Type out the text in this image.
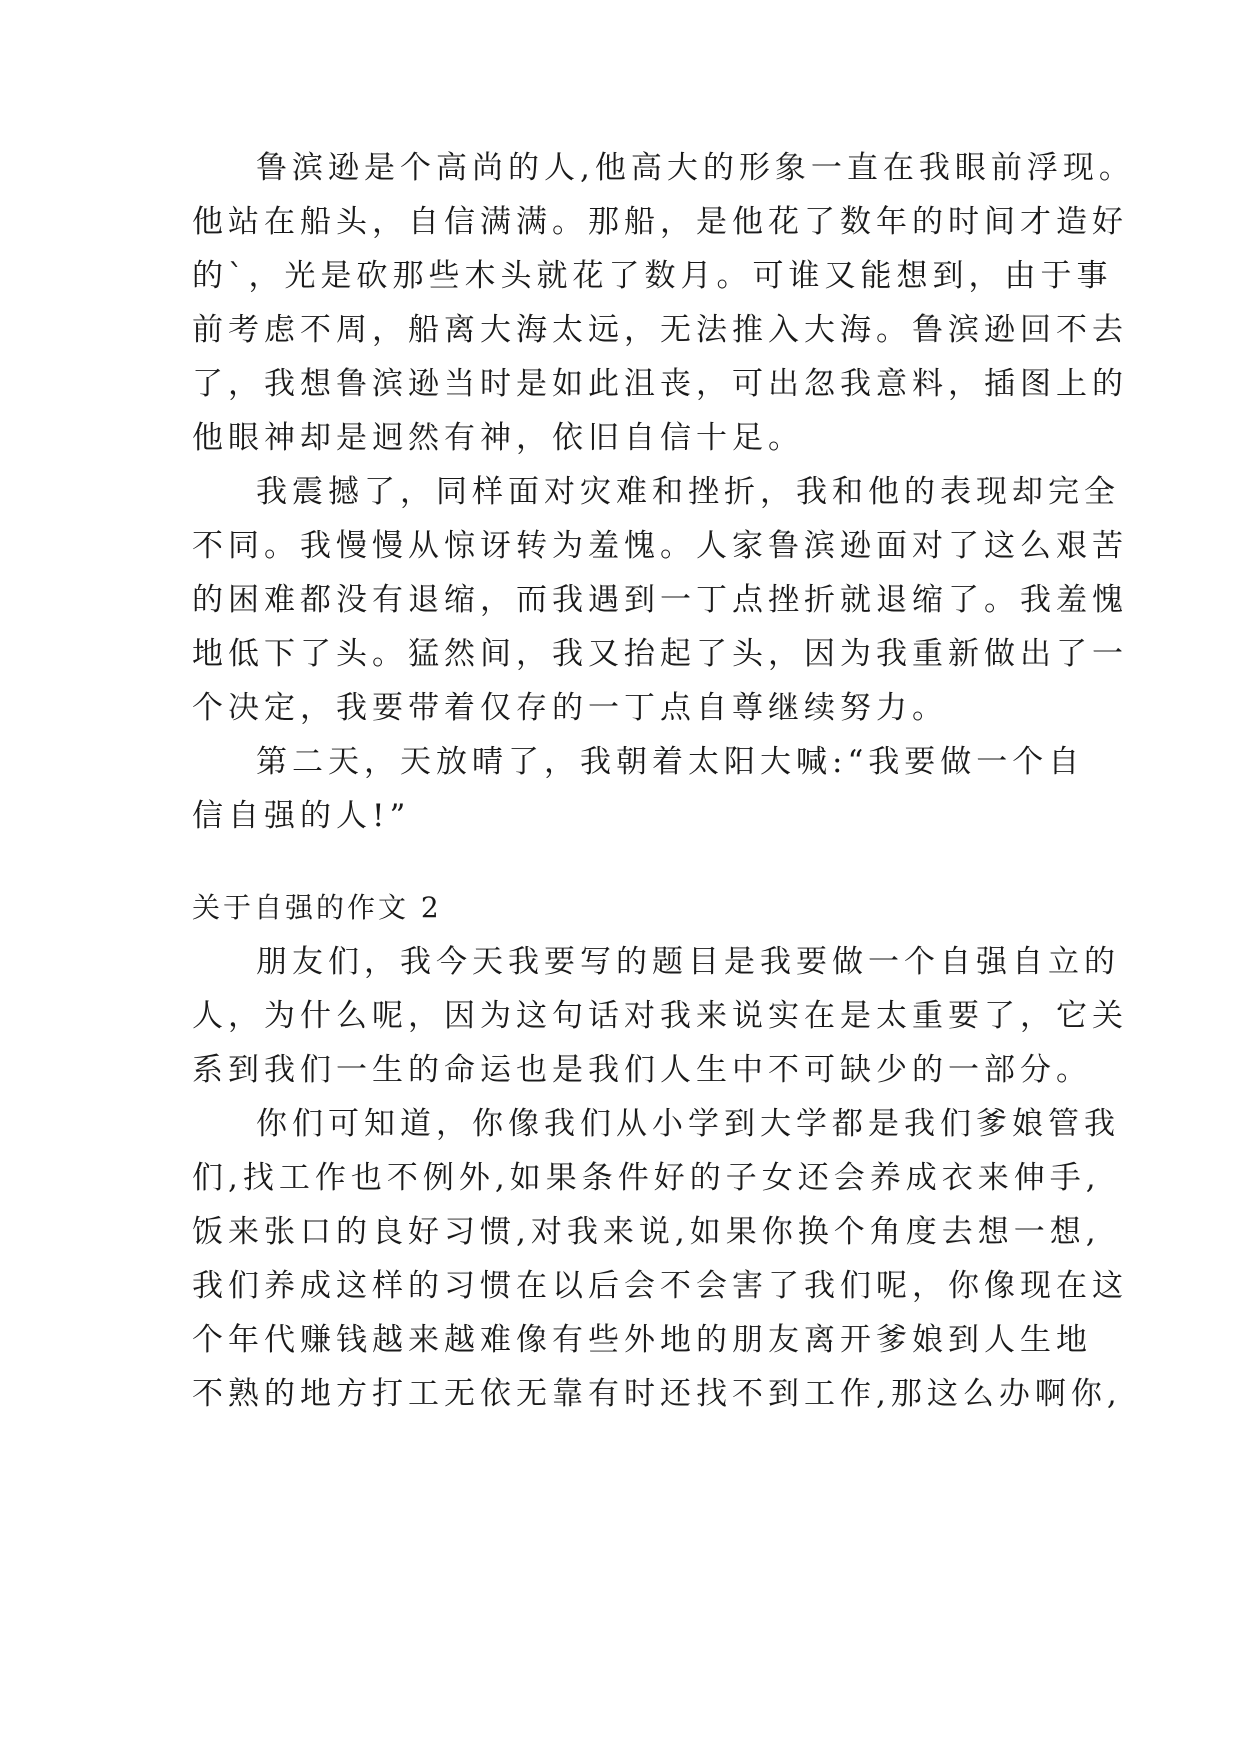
鲁滨逊是个高尚的人,他高大的形象一直在我眼前浮现。
他站在船头，自信满满。那船，是他花了数年的时间才造好
的`，光是砍那些木头就花了数月。可谁又能想到，由于事
前考虑不周，船离大海太远，无法推入大海。鲁滨逊回不去
了，我想鲁滨逊当时是如此沮丧，可出忽我意料，插图上的
他眼神却是迥然有神，依旧自信十足。
我震撼了，同样面对灾难和挫折，我和他的表现却完全
不同。我慢慢从惊讶转为羞愧。人家鲁滨逊面对了这么艰苦
的困难都没有退缩，而我遇到一丁点挫折就退缩了。我羞愧
地低下了头。猛然间，我又抬起了头，因为我重新做出了一
个决定，我要带着仅存的一丁点自尊继续努力。
第二天，天放晴了，我朝着太阳大喊:“我要做一个自
信自强的人!”
关于自强的作文 2
朋友们，我今天我要写的题目是我要做一个自强自立的
人，为什么呢，因为这句话对我来说实在是太重要了，它关
系到我们一生的命运也是我们人生中不可缺少的一部分。
你们可知道，你像我们从小学到大学都是我们爹娘管我
们,找工作也不例外,如果条件好的子女还会养成衣来伸手,
饭来张口的良好习惯,对我来说,如果你换个角度去想一想,
我们养成这样的习惯在以后会不会害了我们呢，你像现在这
个年代赚钱越来越难像有些外地的朋友离开爹娘到人生地
不熟的地方打工无依无靠有时还找不到工作,那这么办啊你,
